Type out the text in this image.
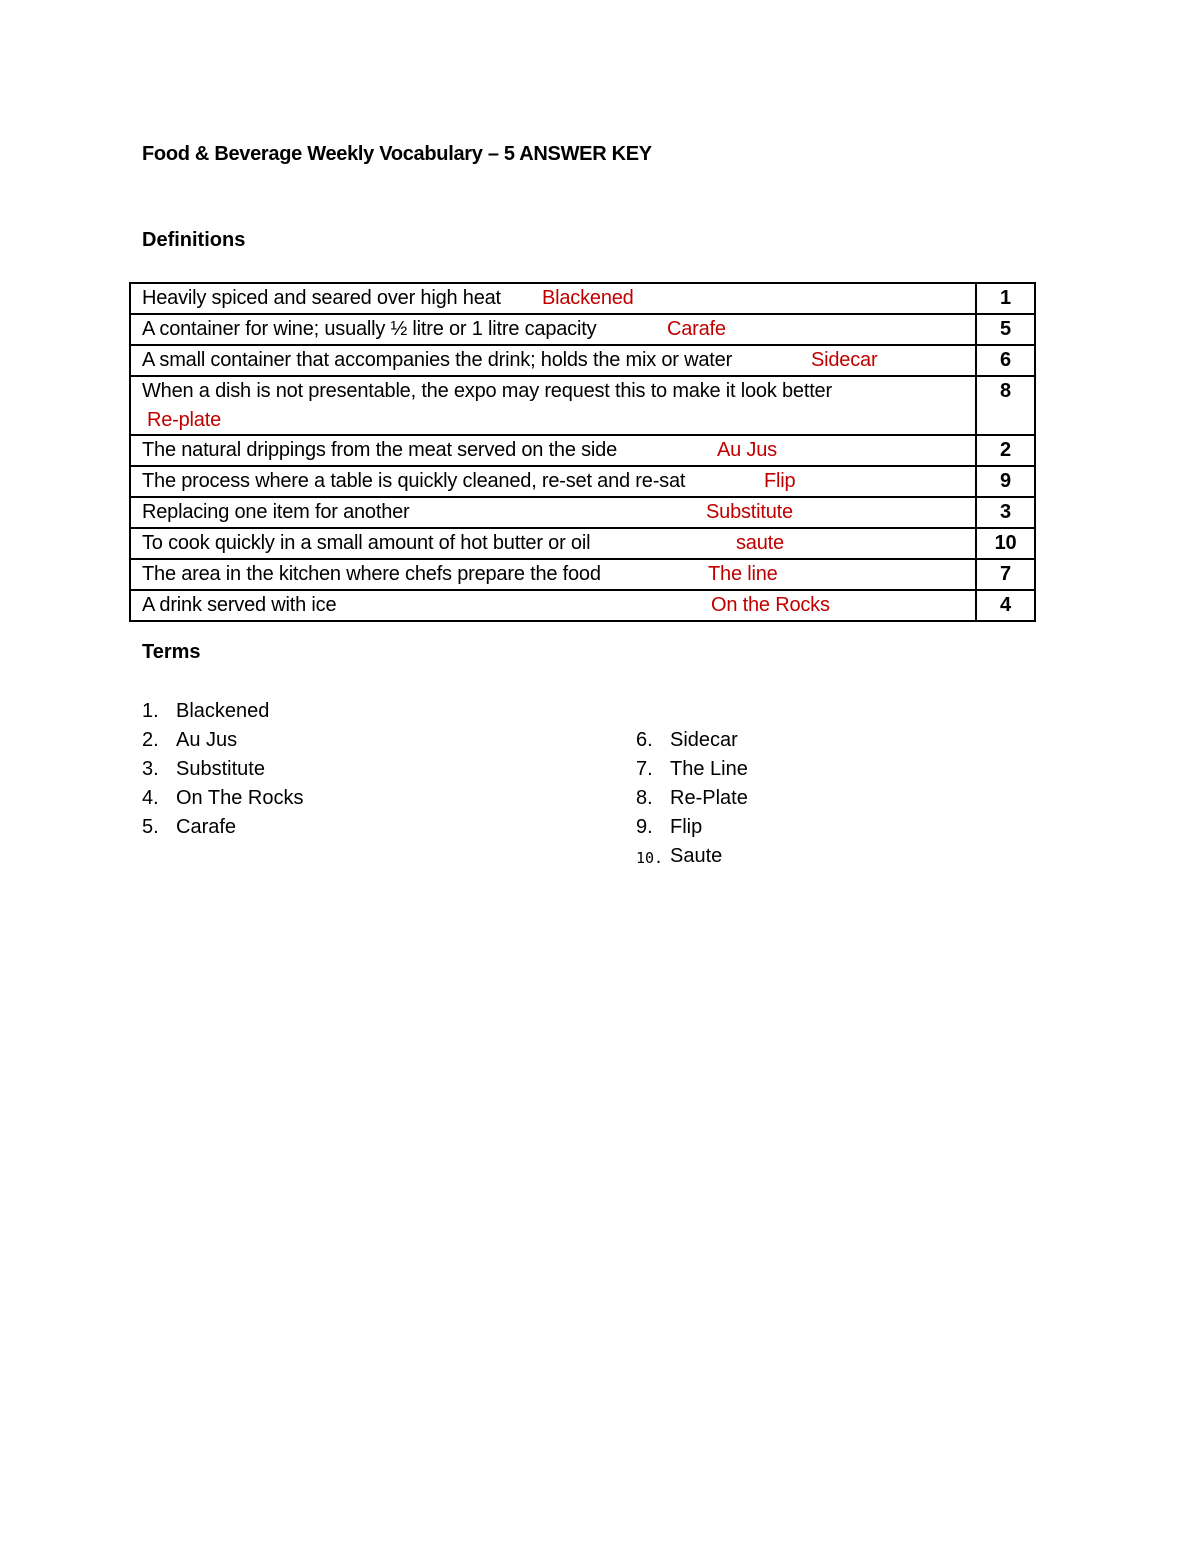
Food & Beverage Weekly Vocabulary – 5 ANSWER KEY
Definitions
Heavily spiced and seared over high heat Blackened	1

A container for wine; usually ½ litre or 1 litre capacity Carafe	5

A small container that accompanies the drink; holds the mix or water Sidecar	6

When a dish is not presentable, the expo may request this to make it look better
Re-plate	8

The natural drippings from the meat served on the side Au Jus	2

The process where a table is quickly cleaned, re-set and re-sat Flip	9

Replacing one item for another Substitute	3

To cook quickly in a small amount of hot butter or oil saute	10

The area in the kitchen where chefs prepare the food The line	7

A drink served with ice On the Rocks	4
Terms
1. Blackened
2. Au Jus
3. Substitute
4. On The Rocks
5. Carafe
6. Sidecar
7. The Line
8. Re-Plate
9. Flip
10. Saute
